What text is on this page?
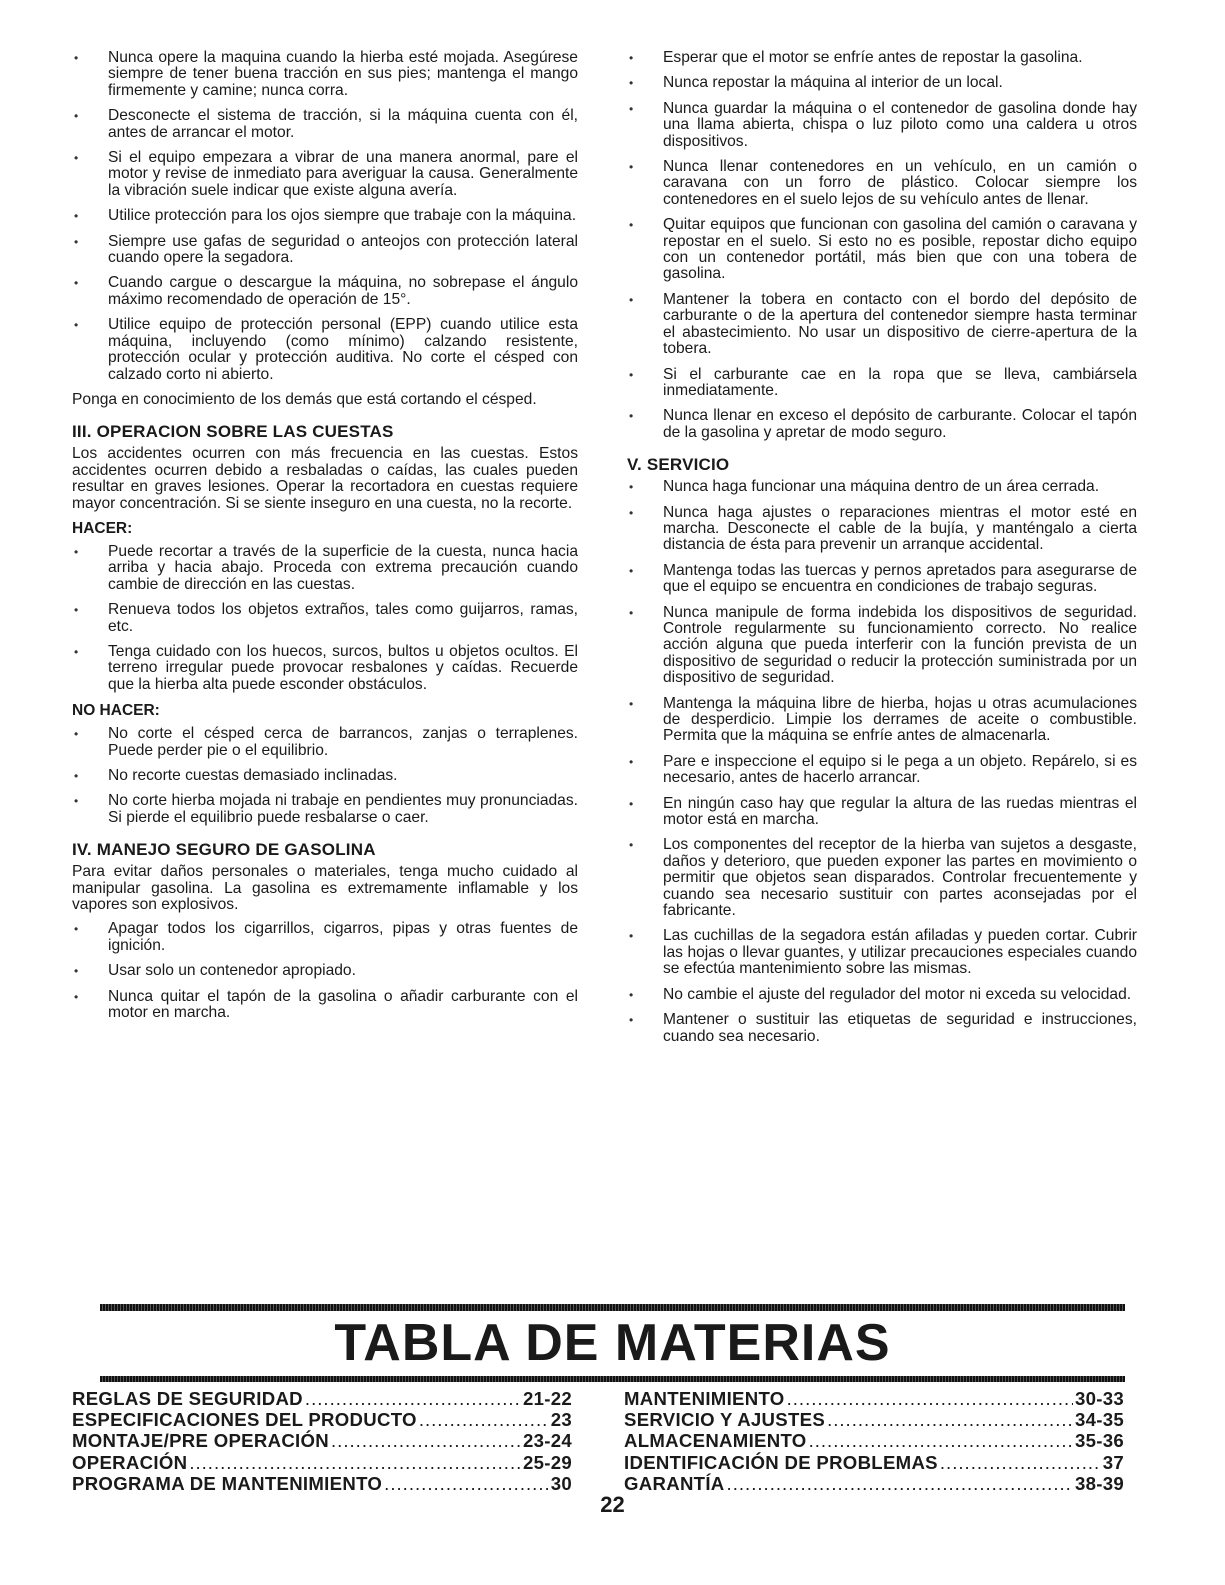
• Nunca opere la maquina cuando la hierba esté mojada. Asegúrese siempre de tener buena tracción en sus pies; mantenga el mango firmemente y camine; nunca corra.
• Desconecte el sistema de tracción, si la máquina cuenta con él, antes de arrancar el motor.
• Si el equipo empezara a vibrar de una manera anormal, pare el motor y revise de inmediato para averiguar la causa. Generalmente la vibración suele indicar que existe alguna avería.
• Utilice protección para los ojos siempre que trabaje con la máquina.
• Siempre use gafas de seguridad o anteojos con protección lateral cuando opere la segadora.
• Cuando cargue o descargue la máquina, no sobrepase el ángulo máximo recomendado de operación de 15°.
• Utilice equipo de protección personal (EPP) cuando utilice esta máquina, incluyendo (como mínimo) calzando resistente, protección ocular y protección auditiva. No corte el césped con calzado corto ni abierto.

Ponga en conocimiento de los demás que está cortando el césped.

III. OPERACION SOBRE LAS CUESTAS

Los accidentes ocurren con más frecuencia en las cuestas. Estos accidentes ocurren debido a resbaladas o caídas, las cuales pueden resultar en graves lesiones. Operar la recortadora en cuestas requiere mayor concentración. Si se siente inseguro en una cuesta, no la recorte.

HACER:
• Puede recortar a través de la superficie de la cuesta, nunca hacia arriba y hacia abajo. Proceda con extrema precaución cuando cambie de dirección en las cuestas.
• Renueva todos los objetos extraños, tales como guijarros, ramas, etc.
• Tenga cuidado con los huecos, surcos, bultos u objetos ocultos. El terreno irregular puede provocar resbalones y caídas. Recuerde que la hierba alta puede esconder obstáculos.
NO HACER:
• No corte el césped cerca de barrancos, zanjas o terraplenes. Puede perder pie o el equilibrio.
• No recorte cuestas demasiado inclinadas.
• No corte hierba mojada ni trabaje en pendientes muy pronunciadas. Si pierde el equilibrio puede resbalarse o caer.
IV. MANEJO SEGURO DE GASOLINA

Para evitar daños personales o materiales, tenga mucho cuidado al manipular gasolina. La gasolina es extremamente inflamable y los vapores son explosivos.

• Apagar todos los cigarrillos, cigarros, pipas y otras fuentes de ignición.
• Usar solo un contenedor apropiado.
• Nunca quitar el tapón de la gasolina o añadir carburante con el motor en marcha.
• Esperar que el motor se enfríe antes de repostar la gasolina.
• Nunca repostar la máquina al interior de un local.
• Nunca guardar la máquina o el contenedor de gasolina donde hay una llama abierta, chispa o luz piloto como una caldera u otros dispositivos.
• Nunca llenar contenedores en un vehículo, en un camión o caravana con un forro de plástico. Colocar siempre los contenedores en el suelo lejos de su vehículo antes de llenar.
• Quitar equipos que funcionan con gasolina del camión o caravana y repostar en el suelo. Si esto no es posible, repostar dicho equipo con un contenedor portátil, más bien que con una tobera de gasolina.
• Mantener la tobera en contacto con el bordo del depósito de carburante o de la apertura del contenedor siempre hasta terminar el abastecimiento. No usar un dispositivo de cierre-apertura de la tobera.
• Si el carburante cae en la ropa que se lleva, cambiársela inmediatamente.
• Nunca llenar en exceso el depósito de carburante. Colocar el tapón de la gasolina y apretar de modo seguro.
V. SERVICIO
• Nunca haga funcionar una máquina dentro de un área cerrada.
• Nunca haga ajustes o reparaciones mientras el motor esté en marcha. Desconecte el cable de la bujía, y manténgalo a cierta distancia de ésta para prevenir un arranque accidental.
• Mantenga todas las tuercas y pernos apretados para asegurarse de que el equipo se encuentra en condiciones de trabajo seguras.
• Nunca manipule de forma indebida los dispositivos de seguridad. Controle regularmente su funcionamiento correcto. No realice acción alguna que pueda interferir con la función prevista de un dispositivo de seguridad o reducir la protección suministrada por un dispositivo de seguridad.
• Mantenga la máquina libre de hierba, hojas u otras acumulaciones de desperdicio. Limpie los derrames de aceite o combustible. Permita que la máquina se enfríe antes de almacenarla.
• Pare e inspeccione el equipo si le pega a un objeto. Repárelo, si es necesario, antes de hacerlo arrancar.
• En ningún caso hay que regular la altura de las ruedas mientras el motor está en marcha.
• Los componentes del receptor de la hierba van sujetos a desgaste, daños y deterioro, que pueden exponer las partes en movimiento o permitir que objetos sean disparados. Controlar frecuentemente y cuando sea necesario sustituir con partes aconsejadas por el fabricante.
• Las cuchillas de la segadora están afiladas y pueden cortar. Cubrir las hojas o llevar guantes, y utilizar precauciones especiales cuando se efectúa mantenimiento sobre las mismas.
• No cambie el ajuste del regulador del motor ni exceda su velocidad.
• Mantener o sustituir las etiquetas de seguridad e instrucciones, cuando sea necesario.
TABLA DE MATERIAS
REGLAS DE SEGURIDAD .....	21-22
ESPECIFICACIONES DEL PRODUCTO .....	23
MONTAJE/PRE OPERACIÓN .....	23-24
OPERACIÓN .....	25-29
PROGRAMA DE MANTENIMIENTO .....	30
MANTENIMIENTO .....	30-33
SERVICIO Y AJUSTES .....	34-35
ALMACENAMIENTO .....	35-36
IDENTIFICACIÓN DE PROBLEMAS .....	37
GARANTÍA .....	38-39
22
